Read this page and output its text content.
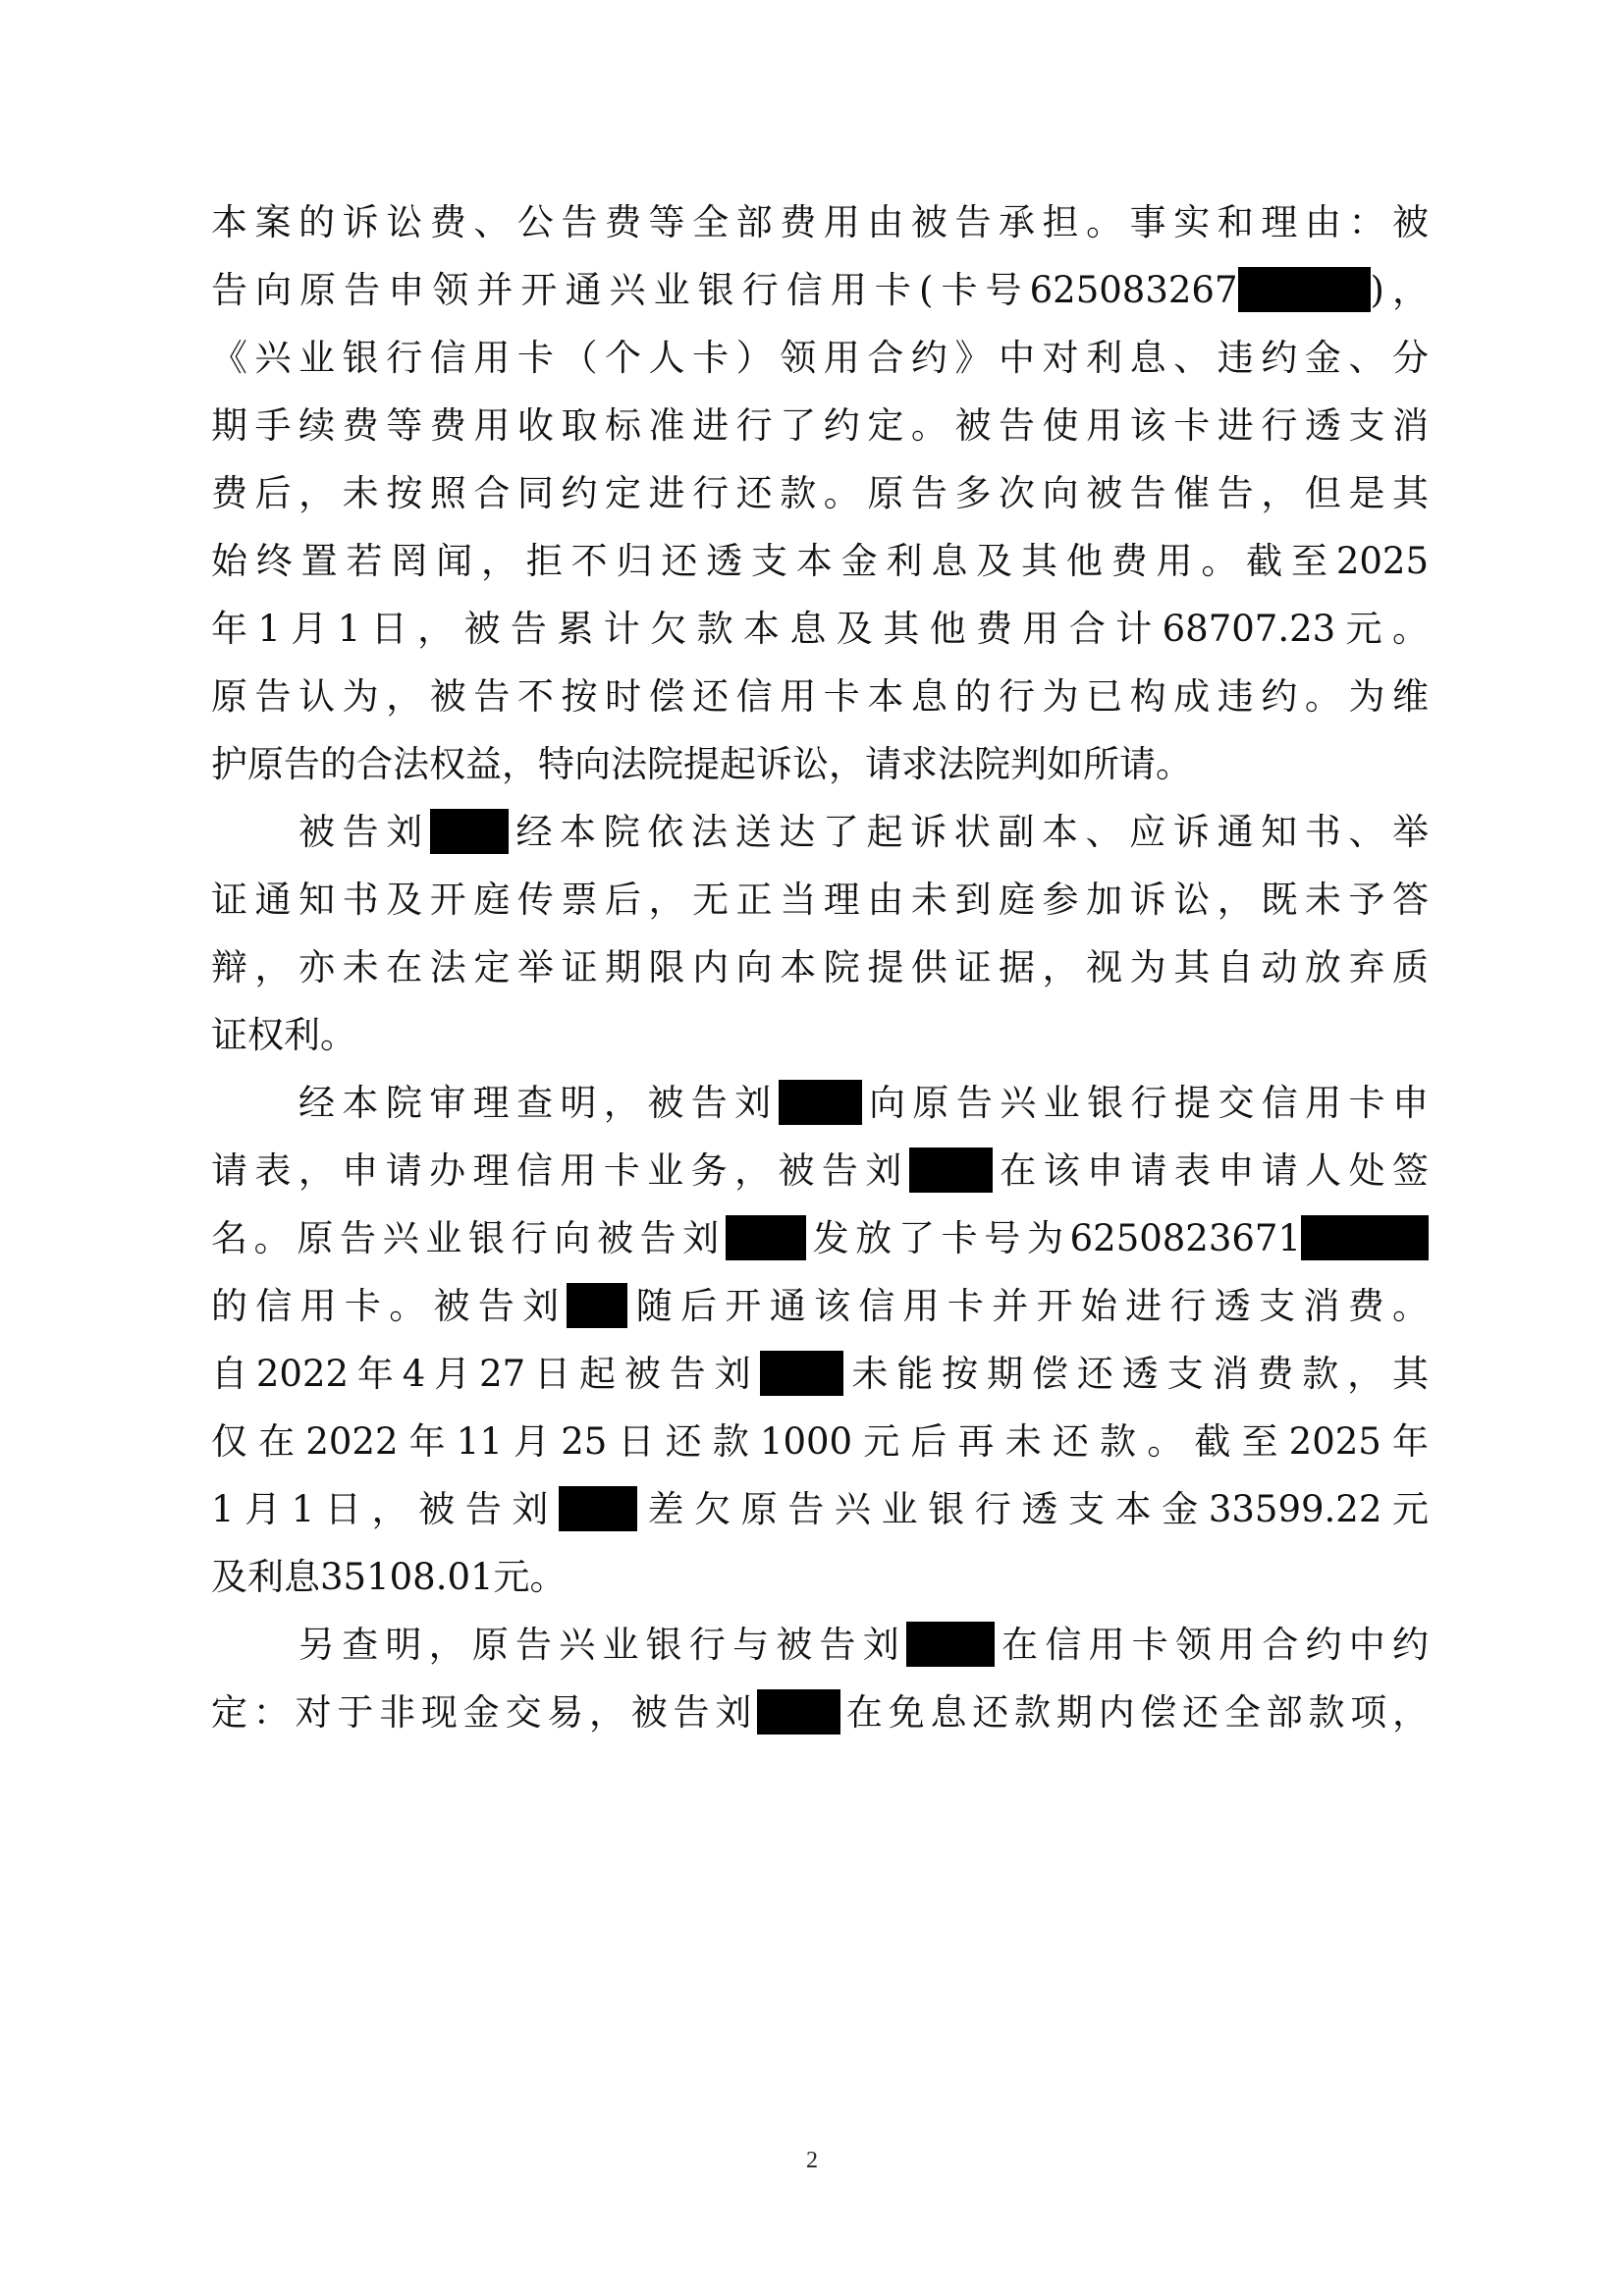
本案的诉讼费、公告费等全部费用由被告承担。事实和理由：被
告向原告申领并开通兴业银行信用卡(卡号625083267	)，
《兴业银行信用卡（个人卡）领用合约》中对利息、违约金、分
期手续费等费用收取标准进行了约定。被告使用该卡进行透支消
费后，未按照合同约定进行还款。原告多次向被告催告，但是其
始终置若罔闻，拒不归还透支本金利息及其他费用。截至2025
年1月1日，被告累计欠款本息及其他费用合计68707.23元。
原告认为，被告不按时偿还信用卡本息的行为已构成违约。为维
护原告的合法权益，特向法院提起诉讼，请求法院判如所请。
被告刘 经本院依法送达了起诉状副本、应诉通知书、举
证通知书及开庭传票后，无正当理由未到庭参加诉讼，既未予答
辩，亦未在法定举证期限内向本院提供证据，视为其自动放弃质
证权利。
经本院审理查明，被告刘 向原告兴业银行提交信用卡申
请表，申请办理信用卡业务，被告刘 在该申请表申请人处签
名。原告兴业银行向被告刘 发放了卡号为6250823671
的信用卡。被告刘 随后开通该信用卡并开始进行透支消费。
自2022年4月27日起被告刘 未能按期偿还透支消费款，其
仅在2022年11月25日还款1000元后再未还款。截至2025年
1月1日，被告刘 差欠原告兴业银行透支本金33599.22元
及利息35108.01元。
另查明，原告兴业银行与被告刘 在信用卡领用合约中约
定：对于非现金交易，被告刘 在免息还款期内偿还全部款项，
2
